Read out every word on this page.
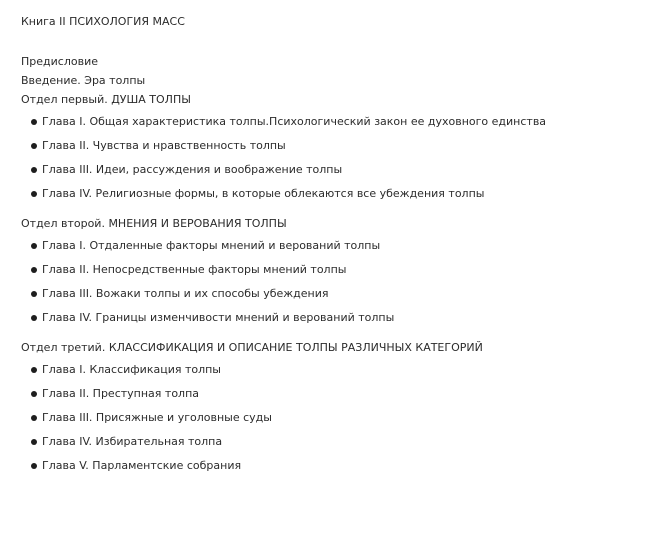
Книга II ПСИХОЛОГИЯ МАСС
Предисловие
Введение. Эра толпы
Отдел первый. ДУША ТОЛПЫ
Глава I. Общая характеристика толпы.Психологический закон ее духовного единства
Глава II. Чувства и нравственность толпы
Глава III. Идеи, рассуждения и воображение толпы
Глава IV. Религиозные формы, в которые облекаются все убеждения толпы
Отдел второй. МНЕНИЯ И ВЕРОВАНИЯ ТОЛПЫ
Глава I. Отдаленные факторы мнений и верований толпы
Глава II. Непосредственные факторы мнений толпы
Глава III. Вожаки толпы и их способы убеждения
Глава IV. Границы изменчивости мнений и верований толпы
Отдел третий. КЛАССИФИКАЦИЯ И ОПИСАНИЕ ТОЛПЫ РАЗЛИЧНЫХ КАТЕГОРИЙ
Глава I. Классификация толпы
Глава II. Преступная толпа
Глава III. Присяжные и уголовные суды
Глава IV. Избирательная толпа
Глава V. Парламентские собрания
